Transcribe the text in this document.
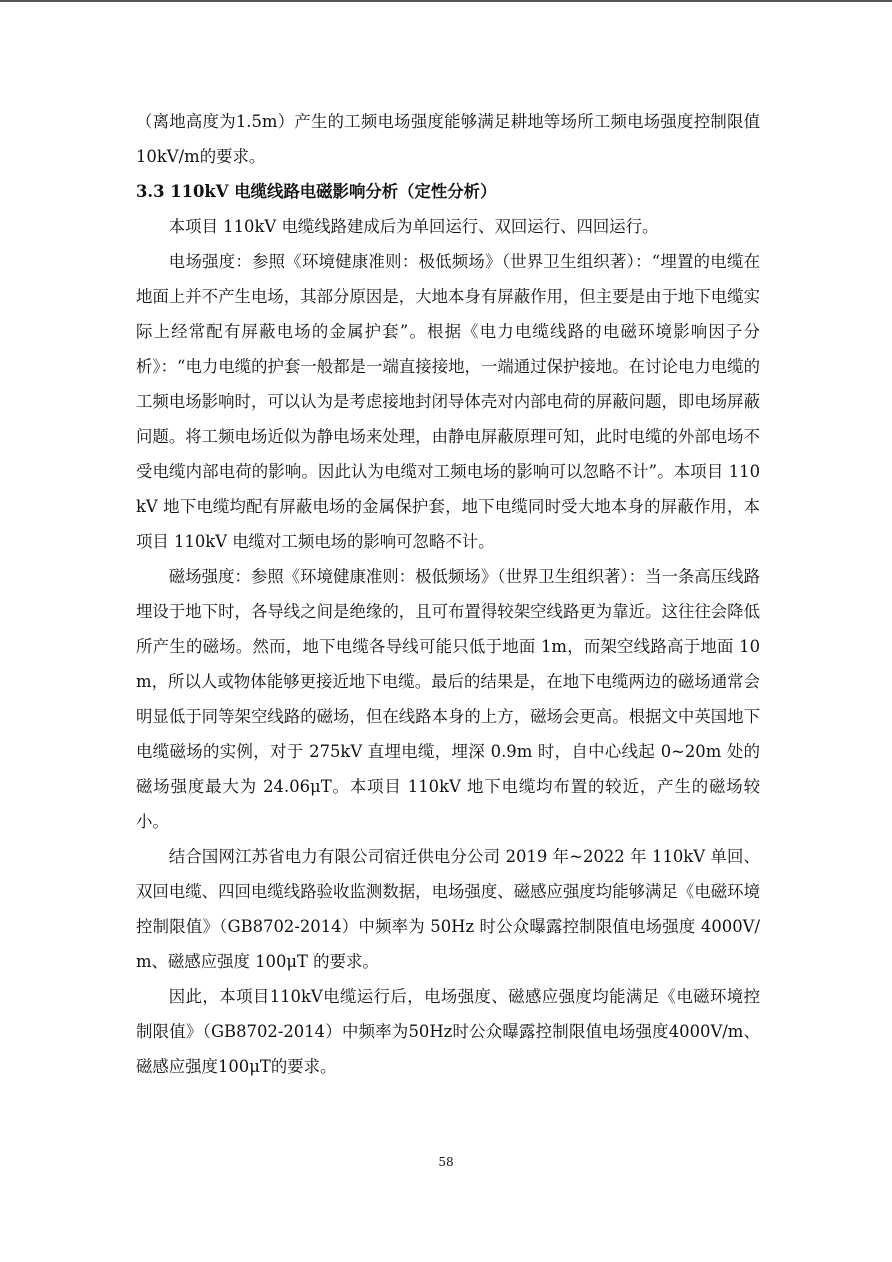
（离地高度为1.5m）产生的工频电场强度能够满足耕地等场所工频电场强度控制限值10kV/m的要求。

3.3 110kV 电缆线路电磁影响分析（定性分析）

本项目 110kV 电缆线路建成后为单回运行、双回运行、四回运行。

电场强度：参照《环境健康准则：极低频场》（世界卫生组织著）：“埋置的电缆在地面上并不产生电场，其部分原因是，大地本身有屏蔽作用，但主要是由于地下电缆实际上经常配有屏蔽电场的金属护套”。根据《电力电缆线路的电磁环境影响因子分析》：“电力电缆的护套一般都是一端直接接地，一端通过保护接地。在讨论电力电缆的工频电场影响时，可以认为是考虑接地封闭导体壳对内部电荷的屏蔽问题，即电场屏蔽问题。将工频电场近似为静电场来处理，由静电屏蔽原理可知，此时电缆的外部电场不受电缆内部电荷的影响。因此认为电缆对工频电场的影响可以忽略不计”。本项目 110kV 地下电缆均配有屏蔽电场的金属保护套，地下电缆同时受大地本身的屏蔽作用，本项目 110kV 电缆对工频电场的影响可忽略不计。

磁场强度：参照《环境健康准则：极低频场》（世界卫生组织著）：当一条高压线路埋设于地下时，各导线之间是绝缘的，且可布置得较架空线路更为靠近。这往往会降低所产生的磁场。然而，地下电缆各导线可能只低于地面 1m，而架空线路高于地面 10m，所以人或物体能够更接近地下电缆。最后的结果是，在地下电缆两边的磁场通常会明显低于同等架空线路的磁场，但在线路本身的上方，磁场会更高。根据文中英国地下电缆磁场的实例，对于 275kV 直埋电缆，埋深 0.9m 时，自中心线起 0~20m 处的磁场强度最大为 24.06μT。本项目 110kV 地下电缆均布置的较近，产生的磁场较小。

结合国网江苏省电力有限公司宿迁供电分公司 2019 年~2022 年 110kV 单回、双回电缆、四回电缆线路验收监测数据，电场强度、磁感应强度均能够满足《电磁环境控制限值》（GB8702-2014）中频率为 50Hz 时公众曝露控制限值电场强度 4000V/m、磁感应强度 100μT 的要求。

因此，本项目110kV电缆运行后，电场强度、磁感应强度均能满足《电磁环境控制限值》（GB8702-2014）中频率为50Hz时公众曝露控制限值电场强度4000V/m、磁感应强度100μT的要求。

58
